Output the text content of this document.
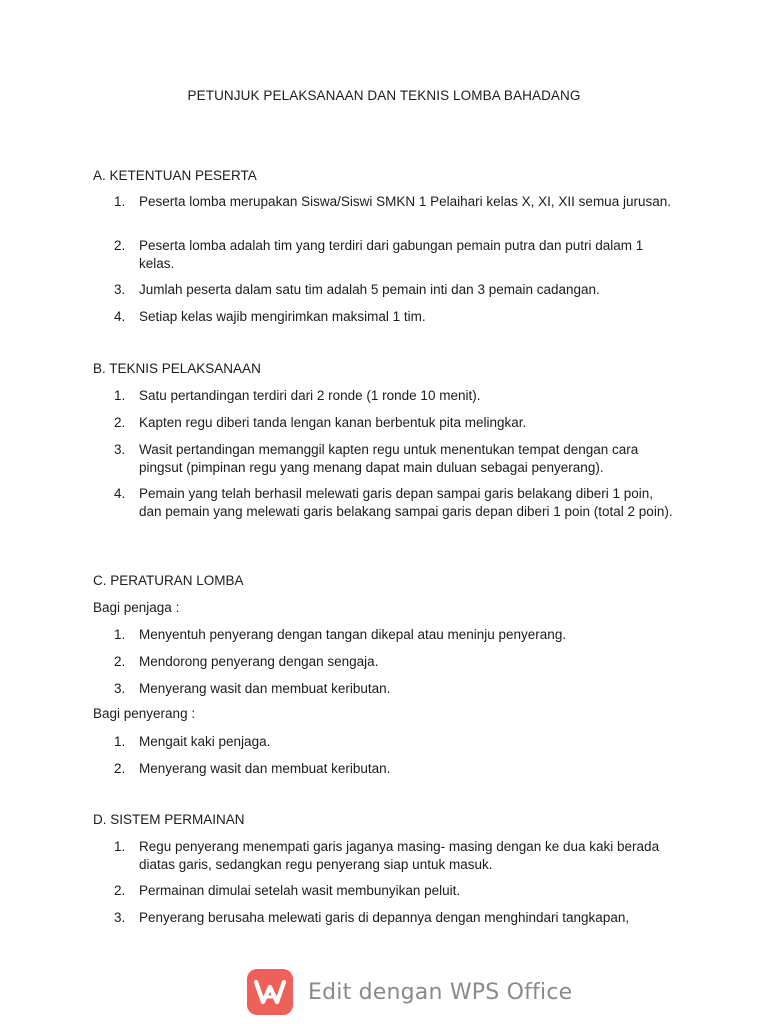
PETUNJUK PELAKSANAAN DAN TEKNIS LOMBA BAHADANG
A. KETENTUAN PESERTA
1.	Peserta lomba merupakan Siswa/Siswi SMKN 1 Pelaihari kelas X, XI, XII semua jurusan.
2.	Peserta lomba adalah tim yang terdiri dari gabungan pemain putra dan putri dalam 1 kelas.
3.	Jumlah peserta dalam satu tim adalah 5 pemain inti dan 3 pemain cadangan.
4.	Setiap kelas wajib mengirimkan maksimal 1 tim.
B. TEKNIS PELAKSANAAN
1.	Satu pertandingan terdiri dari 2 ronde (1 ronde 10 menit).
2.	Kapten regu diberi tanda lengan kanan berbentuk pita melingkar.
3.	Wasit pertandingan memanggil kapten regu untuk menentukan tempat dengan cara pingsut (pimpinan regu yang menang dapat main duluan sebagai penyerang).
4.	Pemain yang telah berhasil melewati garis depan sampai garis belakang diberi 1 poin, dan pemain yang melewati garis belakang sampai garis depan diberi 1 poin (total 2 poin).
C. PERATURAN LOMBA
Bagi penjaga :
1.	Menyentuh penyerang dengan tangan dikepal atau meninju penyerang.
2.	Mendorong penyerang dengan sengaja.
3.	Menyerang wasit dan membuat keributan.
Bagi penyerang :
1.	Mengait kaki penjaga.
2.	Menyerang wasit dan membuat keributan.
D. SISTEM PERMAINAN
1.	Regu penyerang menempati garis jaganya masing- masing dengan ke dua kaki berada diatas garis, sedangkan regu penyerang siap untuk masuk.
2.	Permainan dimulai setelah wasit membunyikan peluit.
3.	Penyerang berusaha melewati garis di depannya dengan menghindari tangkapan,
Edit dengan WPS Office
